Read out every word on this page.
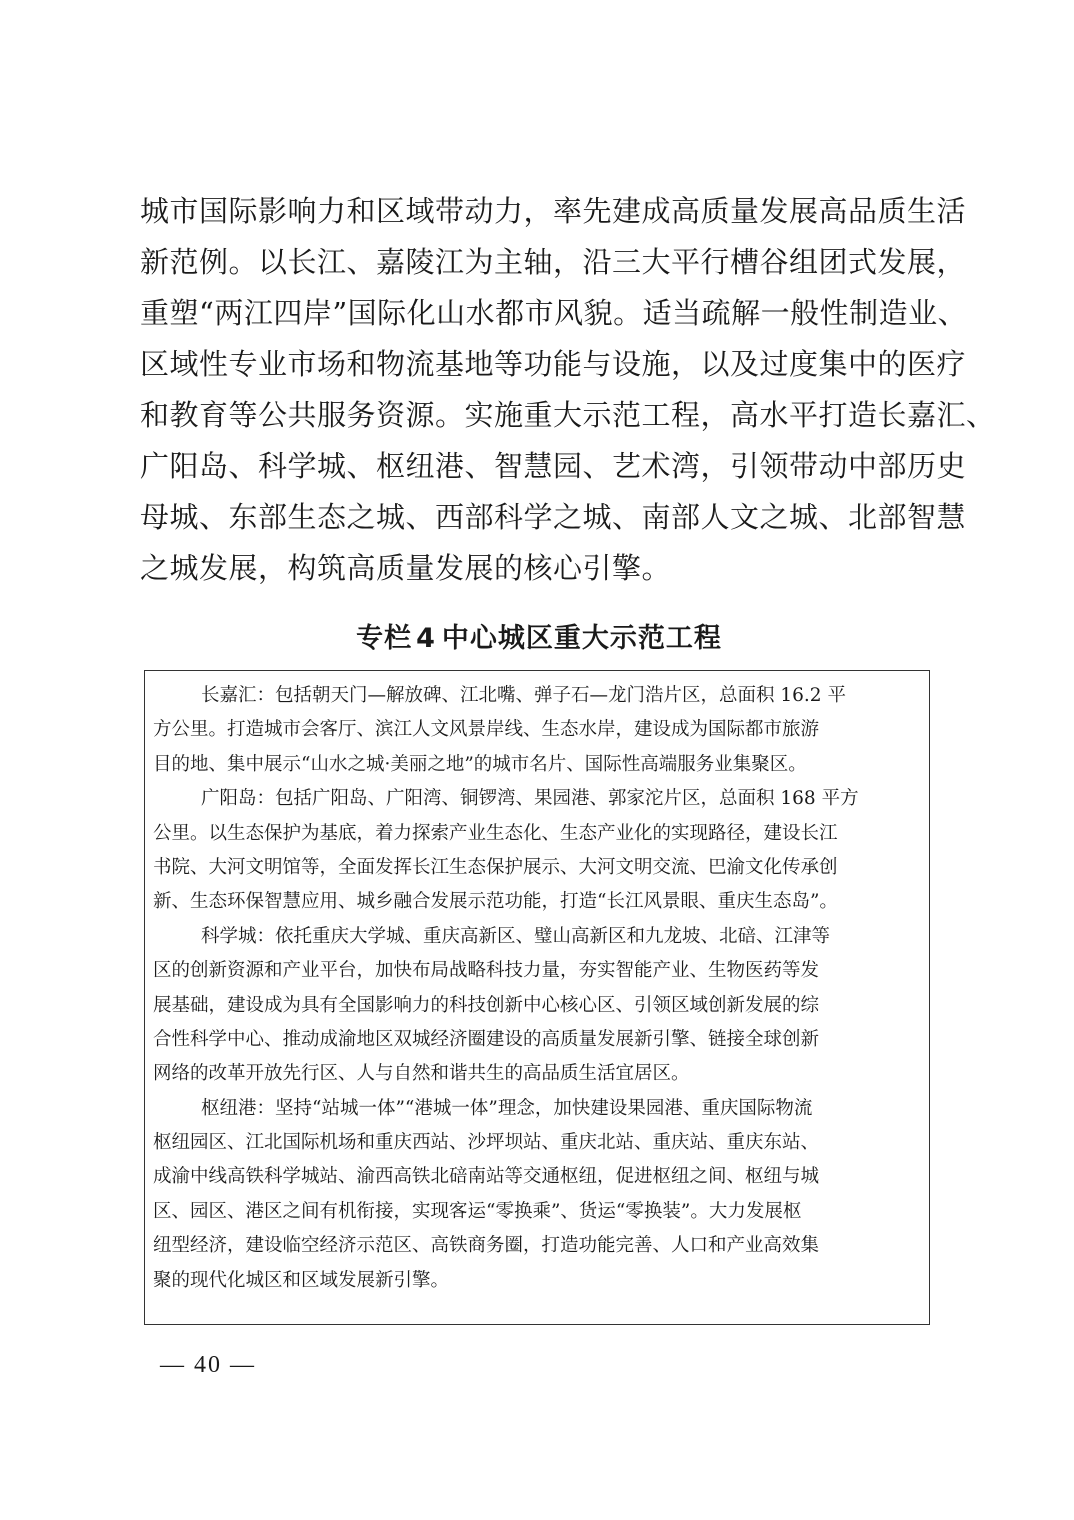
城市国际影响力和区域带动力，率先建成高质量发展高品质生活
新范例。以长江、嘉陵江为主轴，沿三大平行槽谷组团式发展，
重塑“两江四岸”国际化山水都市风貌。适当疏解一般性制造业、
区域性专业市场和物流基地等功能与设施，以及过度集中的医疗
和教育等公共服务资源。实施重大示范工程，高水平打造长嘉汇、
广阳岛、科学城、枢纽港、智慧园、艺术湾，引领带动中部历史
母城、东部生态之城、西部科学之城、南部人文之城、北部智慧
之城发展，构筑高质量发展的核心引擎。
专栏 4 中心城区重大示范工程
长嘉汇：包括朝天门—解放碑、江北嘴、弹子石—龙门浩片区，总面积 16.2 平
方公里。打造城市会客厅、滨江人文风景岸线、生态水岸，建设成为国际都市旅游
目的地、集中展示“山水之城·美丽之地”的城市名片、国际性高端服务业集聚区。
广阳岛：包括广阳岛、广阳湾、铜锣湾、果园港、郭家沱片区，总面积 168 平方
公里。以生态保护为基底，着力探索产业生态化、生态产业化的实现路径，建设长江
书院、大河文明馆等，全面发挥长江生态保护展示、大河文明交流、巴渝文化传承创
新、生态环保智慧应用、城乡融合发展示范功能，打造“长江风景眼、重庆生态岛”。
科学城：依托重庆大学城、重庆高新区、璧山高新区和九龙坡、北碚、江津等
区的创新资源和产业平台，加快布局战略科技力量，夯实智能产业、生物医药等发
展基础，建设成为具有全国影响力的科技创新中心核心区、引领区域创新发展的综
合性科学中心、推动成渝地区双城经济圈建设的高质量发展新引擎、链接全球创新
网络的改革开放先行区、人与自然和谐共生的高品质生活宜居区。
枢纽港：坚持“站城一体”“港城一体”理念，加快建设果园港、重庆国际物流
枢纽园区、江北国际机场和重庆西站、沙坪坝站、重庆北站、重庆站、重庆东站、
成渝中线高铁科学城站、渝西高铁北碚南站等交通枢纽，促进枢纽之间、枢纽与城
区、园区、港区之间有机衔接，实现客运“零换乘”、货运“零换装”。大力发展枢
纽型经济，建设临空经济示范区、高铁商务圈，打造功能完善、人口和产业高效集
聚的现代化城区和区域发展新引擎。
— 40 —
